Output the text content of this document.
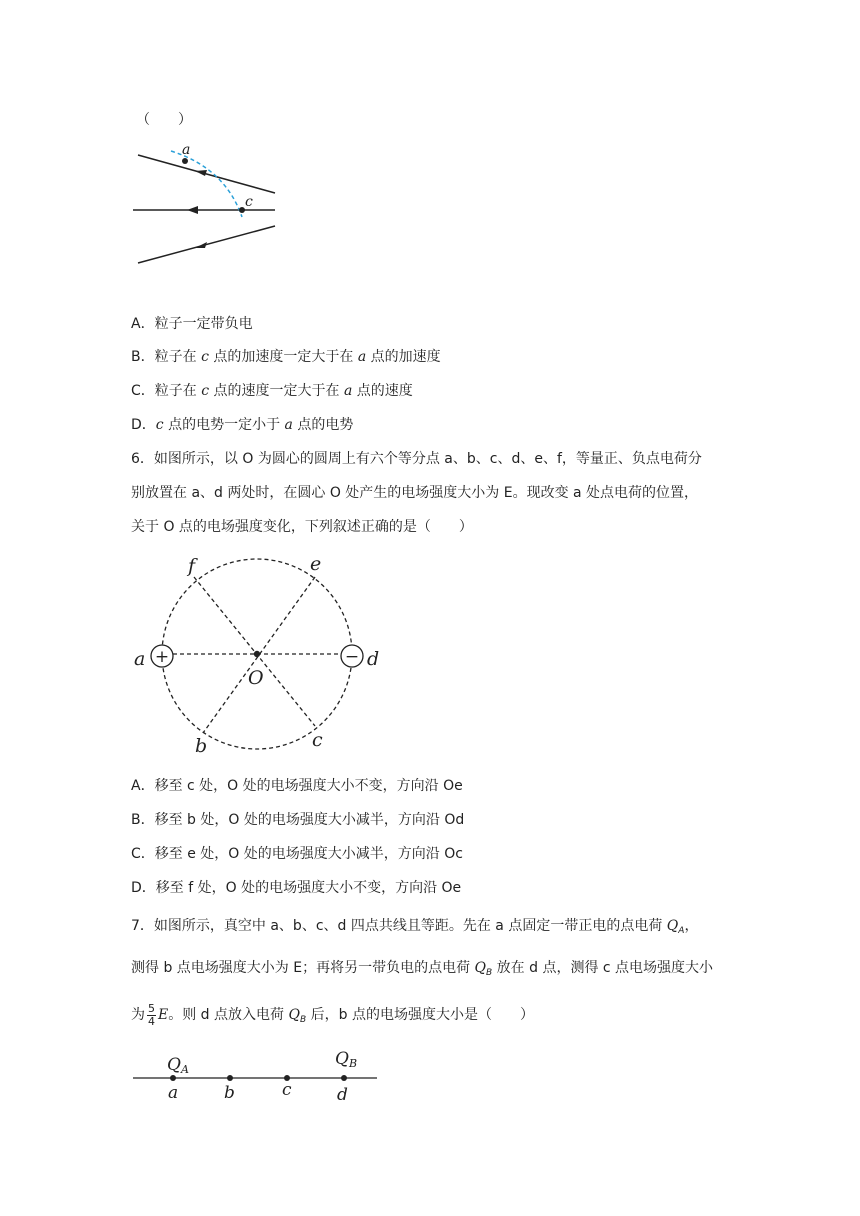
（　　）
a
c
A．粒子一定带负电
B．粒子在 c 点的加速度一定大于在 a 点的加速度
C．粒子在 c 点的速度一定大于在 a 点的速度
D．c 点的电势一定小于 a 点的电势
6．如图所示，以 O 为圆心的圆周上有六个等分点 a、b、c、d、e、f，等量正、负点电荷分
别放置在 a、d 两处时，在圆心 O 处产生的电场强度大小为 E。现改变 a 处点电荷的位置，
关于 O 点的电场强度变化，下列叙述正确的是（　　）
+	−
a	d
f	e
b	c
O
A．移至 c 处，O 处的电场强度大小不变，方向沿 Oe
B．移至 b 处，O 处的电场强度大小减半，方向沿 Od
C．移至 e 处，O 处的电场强度大小减半，方向沿 Oc
D．移至 f 处，O 处的电场强度大小不变，方向沿 Oe
7．如图所示，真空中 a、b、c、d 四点共线且等距。先在 a 点固定一带正电的点电荷 $Q_A$，
测得 b 点电场强度大小为 E；再将另一带负电的点电荷 $Q_B$ 放在 d 点，测得 c 点电场强度大小
为 $\frac{5}{4}$ E。则 d 点放入电荷 $Q_B$ 后，b 点的电场强度大小是（　　）
QA
QB
a	b	c	d
